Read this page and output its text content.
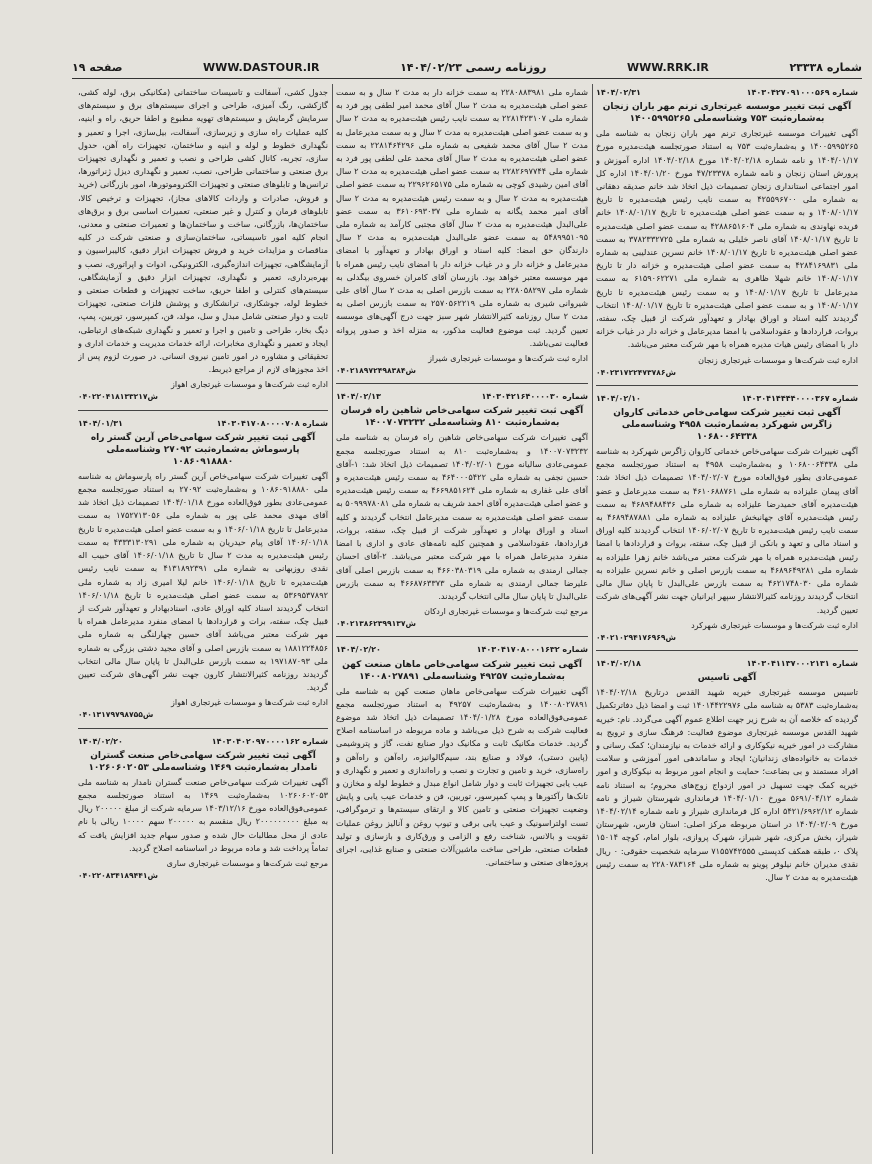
شماره ۲۳۳۳۸
WWW.RRK.IR
روزنامه رسمی ۱۴۰۴/۰۲/۲۳
WWW.DASTOUR.IR
صفحه ۱۹
شماره ۱۴۰۳۰۴۲۷۰۹۱۰۰۰۵۶۹
۱۴۰۴/۰۲/۳۱
آگهی ثبت تغییر موسسه غیرتجاری ترنم مهر باران زنجان به‌شماره‌ثبت ۷۵۳ وشناسه‌ملی ۱۴۰۰۵۹۹۵۲۶۵
آگهی تغییرات موسسه غیرتجاری ترنم مهر باران زنجان به شناسه ملی ۱۴۰۰۵۹۹۵۲۶۵ و به‌شماره‌ثبت ۷۵۳ به استناد صورتجلسه هیئت‌مدیره مورخ ۱۴۰۴/۰۱/۱۷ و نامه شماره ۱۴۰۴/۰۲/۱۸ مورخ ۱۴۰۴/۰۲/۱۸ اداره آموزش و پرورش استان زنجان و نامه شماره ۴۷/۲۳۳۷۸ مورخ ۱۴۰۴/۰۱/۲۰ اداره کل امور اجتماعی استانداری زنجان تصمیمات ذیل اتخاذ شد خانم صدیقه دهقانی به شماره ملی ۴۲۵۵۹۶۷۰۰ به سمت نایب رئیس هیئت‌مدیره تا تاریخ ۱۴۰۸/۰۱/۱۷ و به سمت عضو اصلی هیئت‌مدیره تا تاریخ ۱۴۰۸/۰۱/۱۷ خانم فریده نهاوندی به شماره ملی ۴۲۸۸۶۵۱۶۰۴ به سمت عضو اصلی هیئت‌مدیره تا تاریخ ۱۴۰۸/۰۱/۱۷ آقای ناصر خلیلی به شماره ملی ۳۷۸۲۳۳۲۷۲۵ به سمت عضو اصلی هیئت‌مدیره تا تاریخ ۱۴۰۸/۰۱/۱۷ خانم نسرین عندلیبی به شماره ملی ۴۲۸۴۱۶۹۸۳۱ به سمت عضو اصلی هیئت‌مدیره و خزانه دار تا تاریخ ۱۴۰۸/۰۱/۱۷ خانم شهلا ظاهری به شماره ملی ۶۱۵۹۰۶۲۲۷۱ به سمت مدیرعامل تا تاریخ ۱۴۰۸/۰۱/۱۷ و به سمت رئیس هیئت‌مدیره تا تاریخ ۱۴۰۸/۰۱/۱۷ و به سمت عضو اصلی هیئت‌مدیره تا تاریخ ۱۴۰۸/۰۱/۱۷ انتخاب گردیدند کلیه اسناد و اوراق بهادار و تعهدآور شرکت از قبیل چک، سفته، بروات، قراردادها و عقوداسلامی با امضا مدیرعامل و خزانه دار در غیاب خزانه دار با امضای رئیس هیات مدیره همراه با مهر شرکت معتبر می‌باشد.
اداره ثبت شرکت‌ها و موسسات غیرتجاری زنجان
ش۰۴۰۲۳۱۷۲۲۴۷۳۷۸۶
شماره ۱۴۰۳۰۴۱۴۴۴۴۰۰۰۰۳۶۷
۱۴۰۴/۰۲/۱۰
آگهی ثبت تغییر شرکت سهامی‌خاص خدماتی کاروان زاگرس شهرکرد به‌شماره‌ثبت ۴۹۵۸ وشناسه‌ملی ۱۰۶۸۰۰۶۴۳۳۸
آگهی تغییرات شرکت سهامی‌خاص خدماتی کاروان زاگرس شهرکرد به شناسه ملی ۱۰۶۸۰۰۶۴۳۳۸ و به‌شماره‌ثبت ۴۹۵۸ به استناد صورتجلسه مجمع عمومی‌عادی بطور فوق‌العاده مورخ ۱۴۰۴/۰۲/۰۷ تصمیمات ذیل اتخاذ شد: آقای پیمان علیزاده به شماره ملی ۴۶۱۰۶۸۸۷۶۱ به سمت مدیرعامل و عضو هیئت‌مدیره آقای حمیدرضا علیزاده به شماره ملی ۴۶۸۹۴۸۸۴۳۶ به سمت رئیس هیئت‌مدیره آقای جهانبخش علیزاده به شماره ملی ۴۶۸۹۴۸۷۸۸۱ به سمت نایب رئیس هیئت‌مدیره تا تاریخ ۱۴۰۶/۰۲/۰۷ انتخاب گردیدند کلیه اوراق و اسناد مالی و تعهد و بانکی از قبیل چک، سفته، بروات و قراردادها با امضا رئیس هیئت‌مدیره همراه با مهر شرکت معتبر می‌باشد خانم زهرا علیزاده به شماره ملی ۴۶۸۹۶۴۹۲۸۱ به سمت بازرس اصلی و خانم نسرین علیزاده به شماره ملی ۴۶۲۱۷۴۸۰۳۰ به سمت بازرس علی‌البدل تا پایان سال مالی انتخاب گردیدند روزنامه کثیرالانتشار سپهر ایرانیان جهت نشر آگهی‌های شرکت تعیین گردید.
اداره ثبت شرکت‌ها و موسسات غیرتجاری شهرکرد
ش۰۴۰۲۱۰۲۹۴۱۷۶۹۶۹
شماره ۱۴۰۳۰۴۱۱۳۷۰۰۰۲۱۳۱
۱۴۰۴/۰۲/۱۸
آگهی تاسیس
تاسیس موسسه غیرتجاری خیریه شهید القدس درتاریخ ۱۴۰۴/۰۲/۱۸ به‌شماره‌ثبت ۵۳۸۳ به شناسه ملی ۱۴۰۱۴۴۲۲۹۷۶ ثبت و امضا ذیل دفاترتکمیل گردیده که خلاصه آن به شرح زیر جهت اطلاع عموم آگهی می‌گردد. نام: خیریه شهید القدس موسسه غیرتجاری موضوع فعالیت: فرهنگ سازی و ترویج به مشارکت در امور خیریه نیکوکاری و ارائه خدمات به نیازمندان؛ کمک رسانی و خدمات به خانواده‌های زندانیان؛ ایجاد و ساماندهی امور آموزشی و سلامت افراد مستمند و بی بضاعت؛ حمایت و انجام امور مربوط به نیکوکاری و امور خیریه کمک جهت تسهیل در امور ازدواج زوج‌های محروم؛ به استناد نامه شماره ۵۶۹۱/۰۴/۱۲ مورخ ۱۴۰۴/۰۱/۱۰ فرمانداری شهرستان شیراز و نامه شماره ۵۴۲۱/۶۹۶۲/۱۲ اداره کل فرمانداری شیراز و نامه شماره ۱۴۰۴/۰۲/۱۴ مورخ ۱۴۰۴/۰۲/۰۹ در استان مربوطه مرکز اصلی: استان فارس، شهرستان شیراز، بخش مرکزی، شهر شیراز، شهرک پروازی، بلوار امام، کوچه ۱۵۰۱۴ پلاک ۰، طبقه همکف کدپستی ۷۱۵۵۷۴۲۵۵۵ سرمایه شخصیت حقوقی: ۰ ریال نقدی مدیران خانم نیلوفر پوینو به شماره ملی ۲۲۸۰۷۸۳۱۶۴ به سمت رئیس هیئت‌مدیره به مدت ۲ سال.
شماره ملی ۲۲۸۰۸۸۳۹۸۱ به سمت خزانه دار به مدت ۲ سال و به سمت عضو اصلی هیئت‌مدیره به مدت ۲ سال آقای محمد امیر لطفی پور فرد به شماره ملی ۲۲۸۱۴۲۳۱۰۷ به سمت نایب رئیس هیئت‌مدیره به مدت ۲ سال و به سمت عضو اصلی هیئت‌مدیره به مدت ۲ سال و به سمت مدیرعامل به مدت ۲ سال آقای محمد شفیعی به شماره ملی ۲۲۸۱۴۶۴۲۹۶ به سمت عضو اصلی هیئت‌مدیره به مدت ۲ سال آقای محمد علی لطفی پور فرد به شماره ملی ۲۲۸۲۶۹۷۷۴۴ به سمت عضو اصلی هیئت‌مدیره به مدت ۲ سال آقای امین رشیدی کوچی به شماره ملی ۲۲۹۶۲۶۵۱۷۵ به سمت عضو اصلی هیئت‌مدیره به مدت ۲ سال و به سمت رئیس هیئت‌مدیره به مدت ۲ سال آقای امیر محمد یگانه به شماره ملی ۳۶۱۰۶۹۳۰۳۷ به سمت عضو علی‌البدل هیئت‌مدیره به مدت ۲ سال آقای مجتبی کارآمد به شماره ملی ۵۴۸۹۹۵۱۰۹۵ به سمت عضو علی‌البدل هیئت‌مدیره به مدت ۲ سال دارندگان حق امضا: کلیه اسناد و اوراق بهادار و تعهدآور با امضای مدیرعامل و خزانه دار و در غیاب خزانه دار با امضای نایب رئیس همراه با مهر موسسه معتبر خواهد بود. بازرسان آقای کامران خسروی بیگدلی به شماره ملی ۲۲۸۰۵۸۲۹۷ به سمت بازرس اصلی به مدت ۲ سال آقای علی شیروانی شیری به شماره ملی ۲۵۷۰۵۶۲۲۱۹ به سمت بازرس اصلی به مدت ۲ سال روزنامه کثیرالانتشار شهر سبز جهت درج آگهی‌های موسسه تعیین گردید. ثبت موضوع فعالیت مذکور، به منزله اخذ و صدور پروانه فعالیت نمی‌باشد.
اداره ثبت شرکت‌ها و موسسات غیرتجاری شیراز
ش۰۴۰۲۱۸۹۷۲۴۹۸۳۸۴
شماره ۱۴۰۳۰۴۲۱۶۴۰۰۰۰۳۰
۱۴۰۴/۰۲/۱۳
آگهی ثبت تغییر شرکت سهامی‌خاص شاهین راه فرسان به‌شماره‌ثبت ۸۱۰ وشناسه‌ملی ۱۴۰۰۷۰۷۳۲۳۲
آگهی تغییرات شرکت سهامی‌خاص شاهین راه فرسان به شناسه ملی ۱۴۰۰۷۰۷۳۲۳۲ و به‌شماره‌ثبت ۸۱۰ به استناد صورتجلسه مجمع عمومی‌عادی سالیانه مورخ ۱۴۰۴/۰۲/۰۱ تصمیمات ذیل اتخاذ شد: ۱-آقای حسین نجفی به شماره ملی ۴۶۴۰۰۰۵۴۲۲ به سمت رئیس هیئت‌مدیره و آقای علی غفاری به شماره ملی ۴۶۶۹۸۵۱۶۲۴ به سمت رئیس هیئت‌مدیره و عضو اصلی هیئت‌مدیره آقای احمد شریف به شماره ملی ۵۰۹۹۹۷۸۰۸۱ به سمت عضو اصلی هیئت‌مدیره به سمت مدیرعامل انتخاب گردیدند و کلیه اسناد و اوراق بهادار و تعهدآور شرکت از قبیل چک، سفته، بروات، قراردادها، عقوداسلامی و همچنین کلیه نامه‌های عادی و اداری با امضا منفرد مدیرعامل همراه با مهر شرکت معتبر می‌باشد. ۲-آقای احسان جمالی ارمندی به شماره ملی ۴۶۶۰۳۸۰۳۱۹ به سمت بازرس اصلی آقای علیرضا جمالی ارمندی به شماره ملی ۴۶۶۸۷۶۳۳۷۳ به سمت بازرس علی‌البدل تا پایان سال مالی انتخاب گردیدند.
مرجع ثبت شرکت‌ها و موسسات غیرتجاری اردکان
ش۰۴۰۲۱۳۸۶۲۳۹۹۱۳۷
شماره ۱۴۰۳۰۴۱۷۰۸۰۰۰۱۶۳۲
۱۴۰۴/۰۲/۲۰
آگهی ثبت تغییر شرکت سهامی‌خاص ماهان صنعت کهن به‌شماره‌ثبت ۴۹۲۵۷ وشناسه‌ملی ۱۴۰۰۸۰۲۷۸۹۱
آگهی تغییرات شرکت سهامی‌خاص ماهان صنعت کهن به شناسه ملی ۱۴۰۰۸۰۲۷۸۹۱ و به‌شماره‌ثبت ۴۹۲۵۷ به استناد صورتجلسه مجمع عمومی‌فوق‌العاده مورخ ۱۴۰۴/۰۱/۲۸ تصمیمات ذیل اتخاذ شد موضوع فعالیت شرکت به شرح ذیل می‌باشد و ماده مربوطه در اساسنامه اصلاح گردید. خدمات مکانیک ثابت و مکانیک دوار صنایع نفت، گاز و پتروشیمی (پایین دستی)، فولاد و صنایع بند، سیم‌گالوانیزه، راه‌آهن و راه‌آهن و راه‌سازی، خرید و تامین و تجارت و نصب و راه‌اندازی و تعمیر و نگهداری و عیب یابی تجهیزات ثابت و دوار شامل انواع مبدل و خطوط لوله و مخازن و تانک‌ها رآکتورها و پمپ کمپرسور، توربین، فن و خدمات عیب یابی و پایش وضعیت تجهیزات صنعتی و تامین کالا و ارتقای سیستم‌ها و ترموگرافی، تست اولتراسونیک و عیب یابی برقی و تیوپ روغن و آنالیز روغن عملیات تقویت و بالانس، شناخت رفع و الزامی و ورق‌کاری و بازسازی و تولید قطعات صنعتی، طراحی ساخت ماشین‌آلات صنعتی و صنایع غذایی، اجرای پروژه‌های صنعتی و ساختمانی.
جدول کشی، آسفالت و تاسیسات ساختمانی (مکانیکی برق، لوله کشی، گازکشی، رنگ آمیزی، طراحی و اجرای سیستم‌های برق و سیستم‌های سرمایش گرمایش و سیستم‌های تهویه مطبوع و اطفا حریق، راه و ابنیه، کلیه عملیات راه سازی و زیرسازی، آسفالت، بیل‌سازی، اجرا و تعمیر و نگهداری خطوط و لوله و ابنیه و ساختمان، تجهیزات راه آهن، حدول سازی، تجربه، کانال کشی طراحی و نصب و تعمیر و نگهداری تجهیزات برق صنعتی و ساختمانی طراحی، نصب، تعمیر و نگهداری دیزل ژنراتورها، ترانس‌ها و تابلوهای صنعتی و تجهیزات الکتروموتورها، امور بازرگانی (خرید و فروش، صادرات و واردات کالاهای مجاز)، تجهیزات و ترخیص کالا، تابلوهای فرمان و کنترل و غیر صنعتی، تعمیرات اساسی برق و برق‌های ساختمان‌ها، بازرگانی، ساخت و ساختمان‌ها و تعمیرات صنعتی و معدنی، انجام کلیه امور تاسیساتی، ساختمان‌سازی و صنعتی شرکت در کلیه مناقصات و مزایدات خرید و فروش تجهیزات ابزار دقیق، کالیبراسیون و آزمایشگاهی، تجهیزات اندازه‌گیری، الکترونیکی، ادوات و اپراتوری، نصب و بهره‌برداری، تعمیر و نگهداری، تجهیزات ابزار دقیق و آزمایشگاهی، سیستم‌های کنترلی و اطفا حریق، ساخت تجهیزات و قطعات صنعتی و خطوط لوله، جوشکاری، ترانشکاری و پوشش فلزات صنعتی، تجهیزات ثابت و دوار صنعتی شامل مبدل و سل، مولد، فن، کمپرسور، توربین، پمپ، دیگ بخار، طراحی و تامین و اجرا و تعمیر و نگهداری شبکه‌های ارتباطی، ایجاد و تعمیر و نگهداری مخابرات، ارائه خدمات مدیریت و خدمات اداری و تحقیقاتی و مشاوره در امور تامین نیروی انسانی. در صورت لزوم پس از اخذ مجوزهای لازم از مراجع ذیربط.
اداره ثبت شرکت‌ها و موسسات غیرتجاری اهواز
ش۰۴۰۲۲۰۴۱۸۱۳۳۲۱۷
شماره ۱۴۰۳۰۴۱۷۰۸۰۰۰۰۷۰۸
۱۴۰۴/۰۱/۳۱
آگهی ثبت تغییر شرکت سهامی‌خاص آرین گستر راه پارسوماش به‌شماره‌ثبت ۲۷۰۹۲ وشناسه‌ملی ۱۰۸۶۰۹۱۸۸۸۰
آگهی تغییرات شرکت سهامی‌خاص آرین گستر راه پارسوماش به شناسه ملی ۱۰۸۶۰۹۱۸۸۸۰ و به‌شماره‌ثبت ۲۷۰۹۲ به استناد صورتجلسه مجمع عمومی‌عادی بطور فوق‌العاده مورخ ۱۴۰۴/۰۱/۱۸ تصمیمات ذیل اتخاذ شد آقای مهدی محمد علی پور به شماره ملی ۱۷۵۲۷۱۳۰۵۶ به سمت مدیرعامل تا تاریخ ۱۴۰۶/۰۱/۱۸ و به سمت عضو اصلی هیئت‌مدیره تا تاریخ ۱۴۰۶/۰۱/۱۸ آقای پیام حیدریان به شماره ملی ۴۳۳۳۱۳۰۲۹۱ به سمت رئیس هیئت‌مدیره به مدت ۲ سال تا تاریخ ۱۴۰۶/۰۱/۱۸ آقای حبیب اله نقدی روزبهانی به شماره ملی ۴۱۳۱۸۹۲۳۹۱ به سمت نایب رئیس هیئت‌مدیره تا تاریخ ۱۴۰۶/۰۱/۱۸ خانم لیلا امیری زاد به شماره ملی ۵۳۶۹۵۳۷۸۹۲ به سمت عضو اصلی هیئت‌مدیره تا تاریخ ۱۴۰۶/۰۱/۱۸ انتخاب گردیدند اسناد کلیه اوراق عادی، اسنادبهادار و تعهدآور شرکت از قبیل چک، سفته، برات و قراردادها با امضای منفرد مدیرعامل همراه با مهر شرکت معتبر می‌باشد آقای حسین چهارلنگی به شماره ملی ۱۸۸۱۲۲۴۸۵۶ به سمت بازرس اصلی و آقای مجید دشتی بزرگی به شماره ملی ۱۹۷۱۸۷۰۹۳ به سمت بازرس علی‌البدل تا پایان سال مالی انتخاب گردیدند روزنامه کثیرالانتشار کارون جهت نشر آگهی‌های شرکت تعیین گردید.
اداره ثبت شرکت‌ها و موسسات غیرتجاری اهواز
ش۰۴۰۱۳۱۷۹۷۹۸۷۵۵
شماره ۱۴۰۳۰۴۰۲۰۹۷۰۰۰۰۱۶۲
۱۴۰۴/۰۲/۲۰
آگهی ثبت تغییر شرکت سهامی‌خاص صنعت گستران نامدار به‌شماره‌ثبت ۱۴۶۹ وشناسه‌ملی ۱۰۲۶۰۶۰۲۰۵۳
آگهی تغییرات شرکت سهامی‌خاص صنعت گستران نامدار به شناسه ملی ۱۰۲۶۰۶۰۲۰۵۳ به‌شماره‌ثبت ۱۴۶۹ به استناد صورتجلسه مجمع عمومی‌فوق‌العاده مورخ ۱۴۰۳/۱۲/۱۶ سرمایه شرکت از مبلغ ۲۰۰۰۰۰ ریال به مبلغ ۲۰۰۰۰۰۰۰۰۰ ریال منقسم به ۲۰۰۰۰۰ سهم ۱۰۰۰۰ ریالی با نام عادی از محل مطالبات حال شده و صدور سهام جدید افزایش یافت که تماماً پرداخت شد و ماده مربوط در اساسنامه اصلاح گردید.
مرجع ثبت شرکت‌ها و موسسات غیرتجاری ساری
ش۰۴۰۲۲۰۸۳۴۱۸۹۴۴۱
